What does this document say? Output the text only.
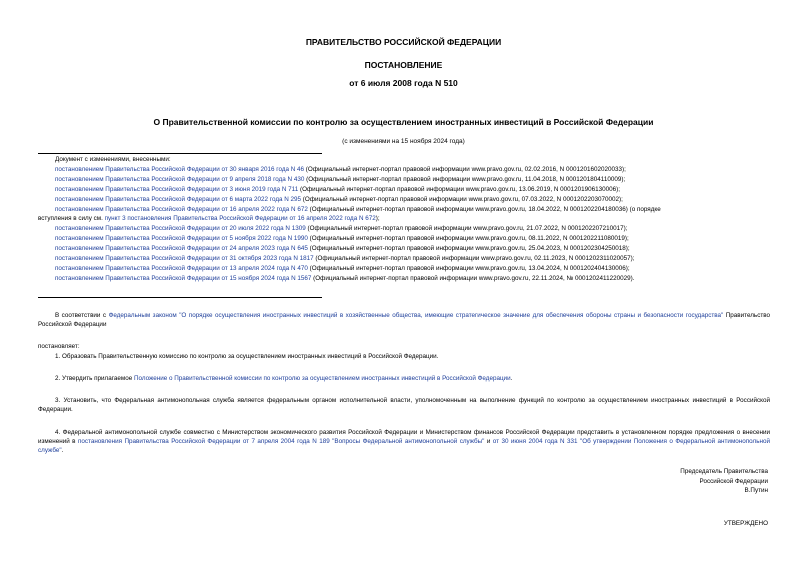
ПРАВИТЕЛЬСТВО РОССИЙСКОЙ ФЕДЕРАЦИИ
ПОСТАНОВЛЕНИЕ
от 6 июля 2008 года N 510
О Правительственной комиссии по контролю за осуществлением иностранных инвестиций в Российской Федерации
(с изменениями на 15 ноября 2024 года)
Документ с изменениями, внесенными:
постановлением Правительства Российской Федерации от 30 января 2016 года N 46 (Официальный интернет-портал правовой информации www.pravo.gov.ru, 02.02.2016, N 0001201602020033);
постановлением Правительства Российской Федерации от 9 апреля 2018 года N 430 (Официальный интернет-портал правовой информации www.pravo.gov.ru, 11.04.2018, N 0001201804110009);
постановлением Правительства Российской Федерации от 3 июня 2019 года N 711 (Официальный интернет-портал правовой информации www.pravo.gov.ru, 13.06.2019, N 0001201906130006);
постановлением Правительства Российской Федерации от 6 марта 2022 года N 295 (Официальный интернет-портал правовой информации www.pravo.gov.ru, 07.03.2022, N 0001202203070002);
постановлением Правительства Российской Федерации от 16 апреля 2022 года N 672 (Официальный интернет-портал правовой информации www.pravo.gov.ru, 18.04.2022, N 0001202204180036) (о порядке
вступления в силу см. пункт 3 постановления Правительства Российской Федерации от 16 апреля 2022 года N 672);
постановлением Правительства Российской Федерации от 20 июля 2022 года N 1309 (Официальный интернет-портал правовой информации www.pravo.gov.ru, 21.07.2022, N 0001202207210017);
постановлением Правительства Российской Федерации от 5 ноября 2022 года N 1990 (Официальный интернет-портал правовой информации www.pravo.gov.ru, 08.11.2022, N 0001202211080019);
постановлением Правительства Российской Федерации от 24 апреля 2023 года N 645 (Официальный интернет-портал правовой информации www.pravo.gov.ru, 25.04.2023, N 0001202304250018);
постановлением Правительства Российской Федерации от 31 октября 2023 года N 1817 (Официальный интернет-портал правовой информации www.pravo.gov.ru, 02.11.2023, N 0001202311020057);
постановлением Правительства Российской Федерации от 13 апреля 2024 года N 470 (Официальный интернет-портал правовой информации www.pravo.gov.ru, 13.04.2024, N 0001202404130006);
постановлением Правительства Российской Федерации от 15 ноября 2024 года N 1567 (Официальный интернет-портал правовой информации www.pravo.gov.ru, 22.11.2024, № 0001202411220029).
В соответствии с Федеральным законом "О порядке осуществления иностранных инвестиций в хозяйственные общества, имеющие стратегическое значение для обеспечения обороны страны и безопасности государства" Правительство Российской Федерации
постановляет:
1. Образовать Правительственную комиссию по контролю за осуществлением иностранных инвестиций в Российской Федерации.
2. Утвердить прилагаемое Положение о Правительственной комиссии по контролю за осуществлением иностранных инвестиций в Российской Федерации.
3. Установить, что Федеральная антимонопольная служба является федеральным органом исполнительной власти, уполномоченным на выполнение функций по контролю за осуществлением иностранных инвестиций в Российской Федерации.
4. Федеральной антимонопольной службе совместно с Министерством экономического развития Российской Федерации и Министерством финансов Российской Федерации представить в установленном порядке предложения о внесении изменений в постановления Правительства Российской Федерации от 7 апреля 2004 года N 189 "Вопросы Федеральной антимонопольной службы" и от 30 июня 2004 года N 331 "Об утверждении Положения о Федеральной антимонопольной службе".
Председатель Правительства
Российской Федерации
В.Путин
УТВЕРЖДЕНО
